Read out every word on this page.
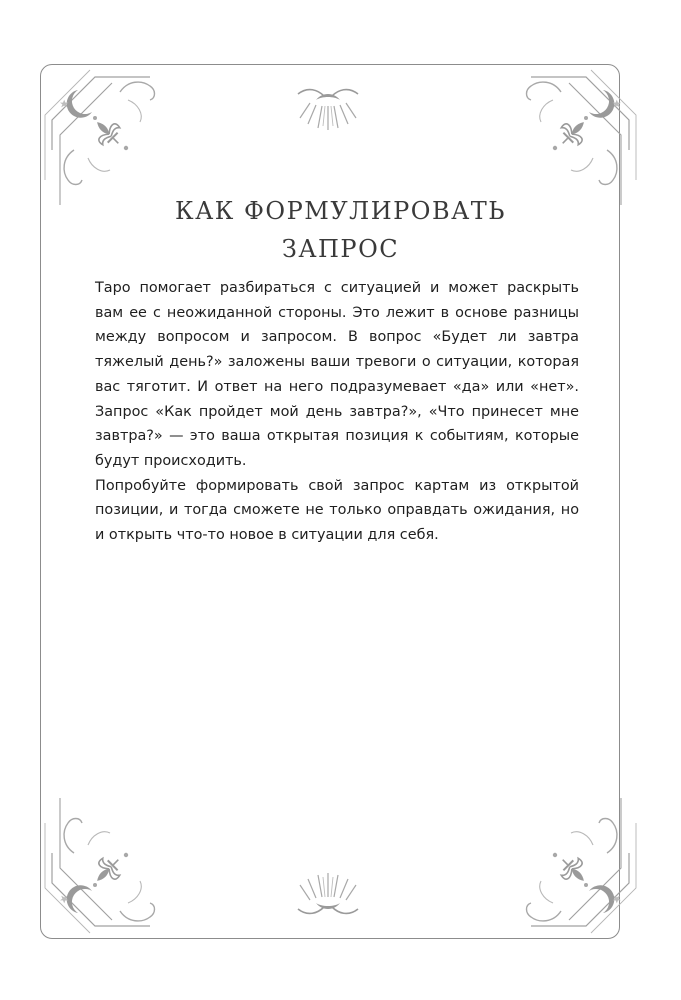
КАК ФОРМУЛИРОВАТЬ
ЗАПРОС

Таро помогает разбираться с ситуацией и может раскрыть вам ее с неожиданной стороны. Это лежит в основе разницы между вопросом и запросом. В вопрос «Будет ли завтра тяжелый день?» заложены ваши тревоги о ситуации, которая вас тяготит. И ответ на него подразумевает «да» или «нет». Запрос «Как пройдет мой день завтра?», «Что принесет мне завтра?» — это ваша открытая позиция к событиям, которые будут происходить.

Попробуйте формировать свой запрос картам из открытой позиции, и тогда сможете не только оправдать ожидания, но и открыть что-то новое в ситуации для себя.
